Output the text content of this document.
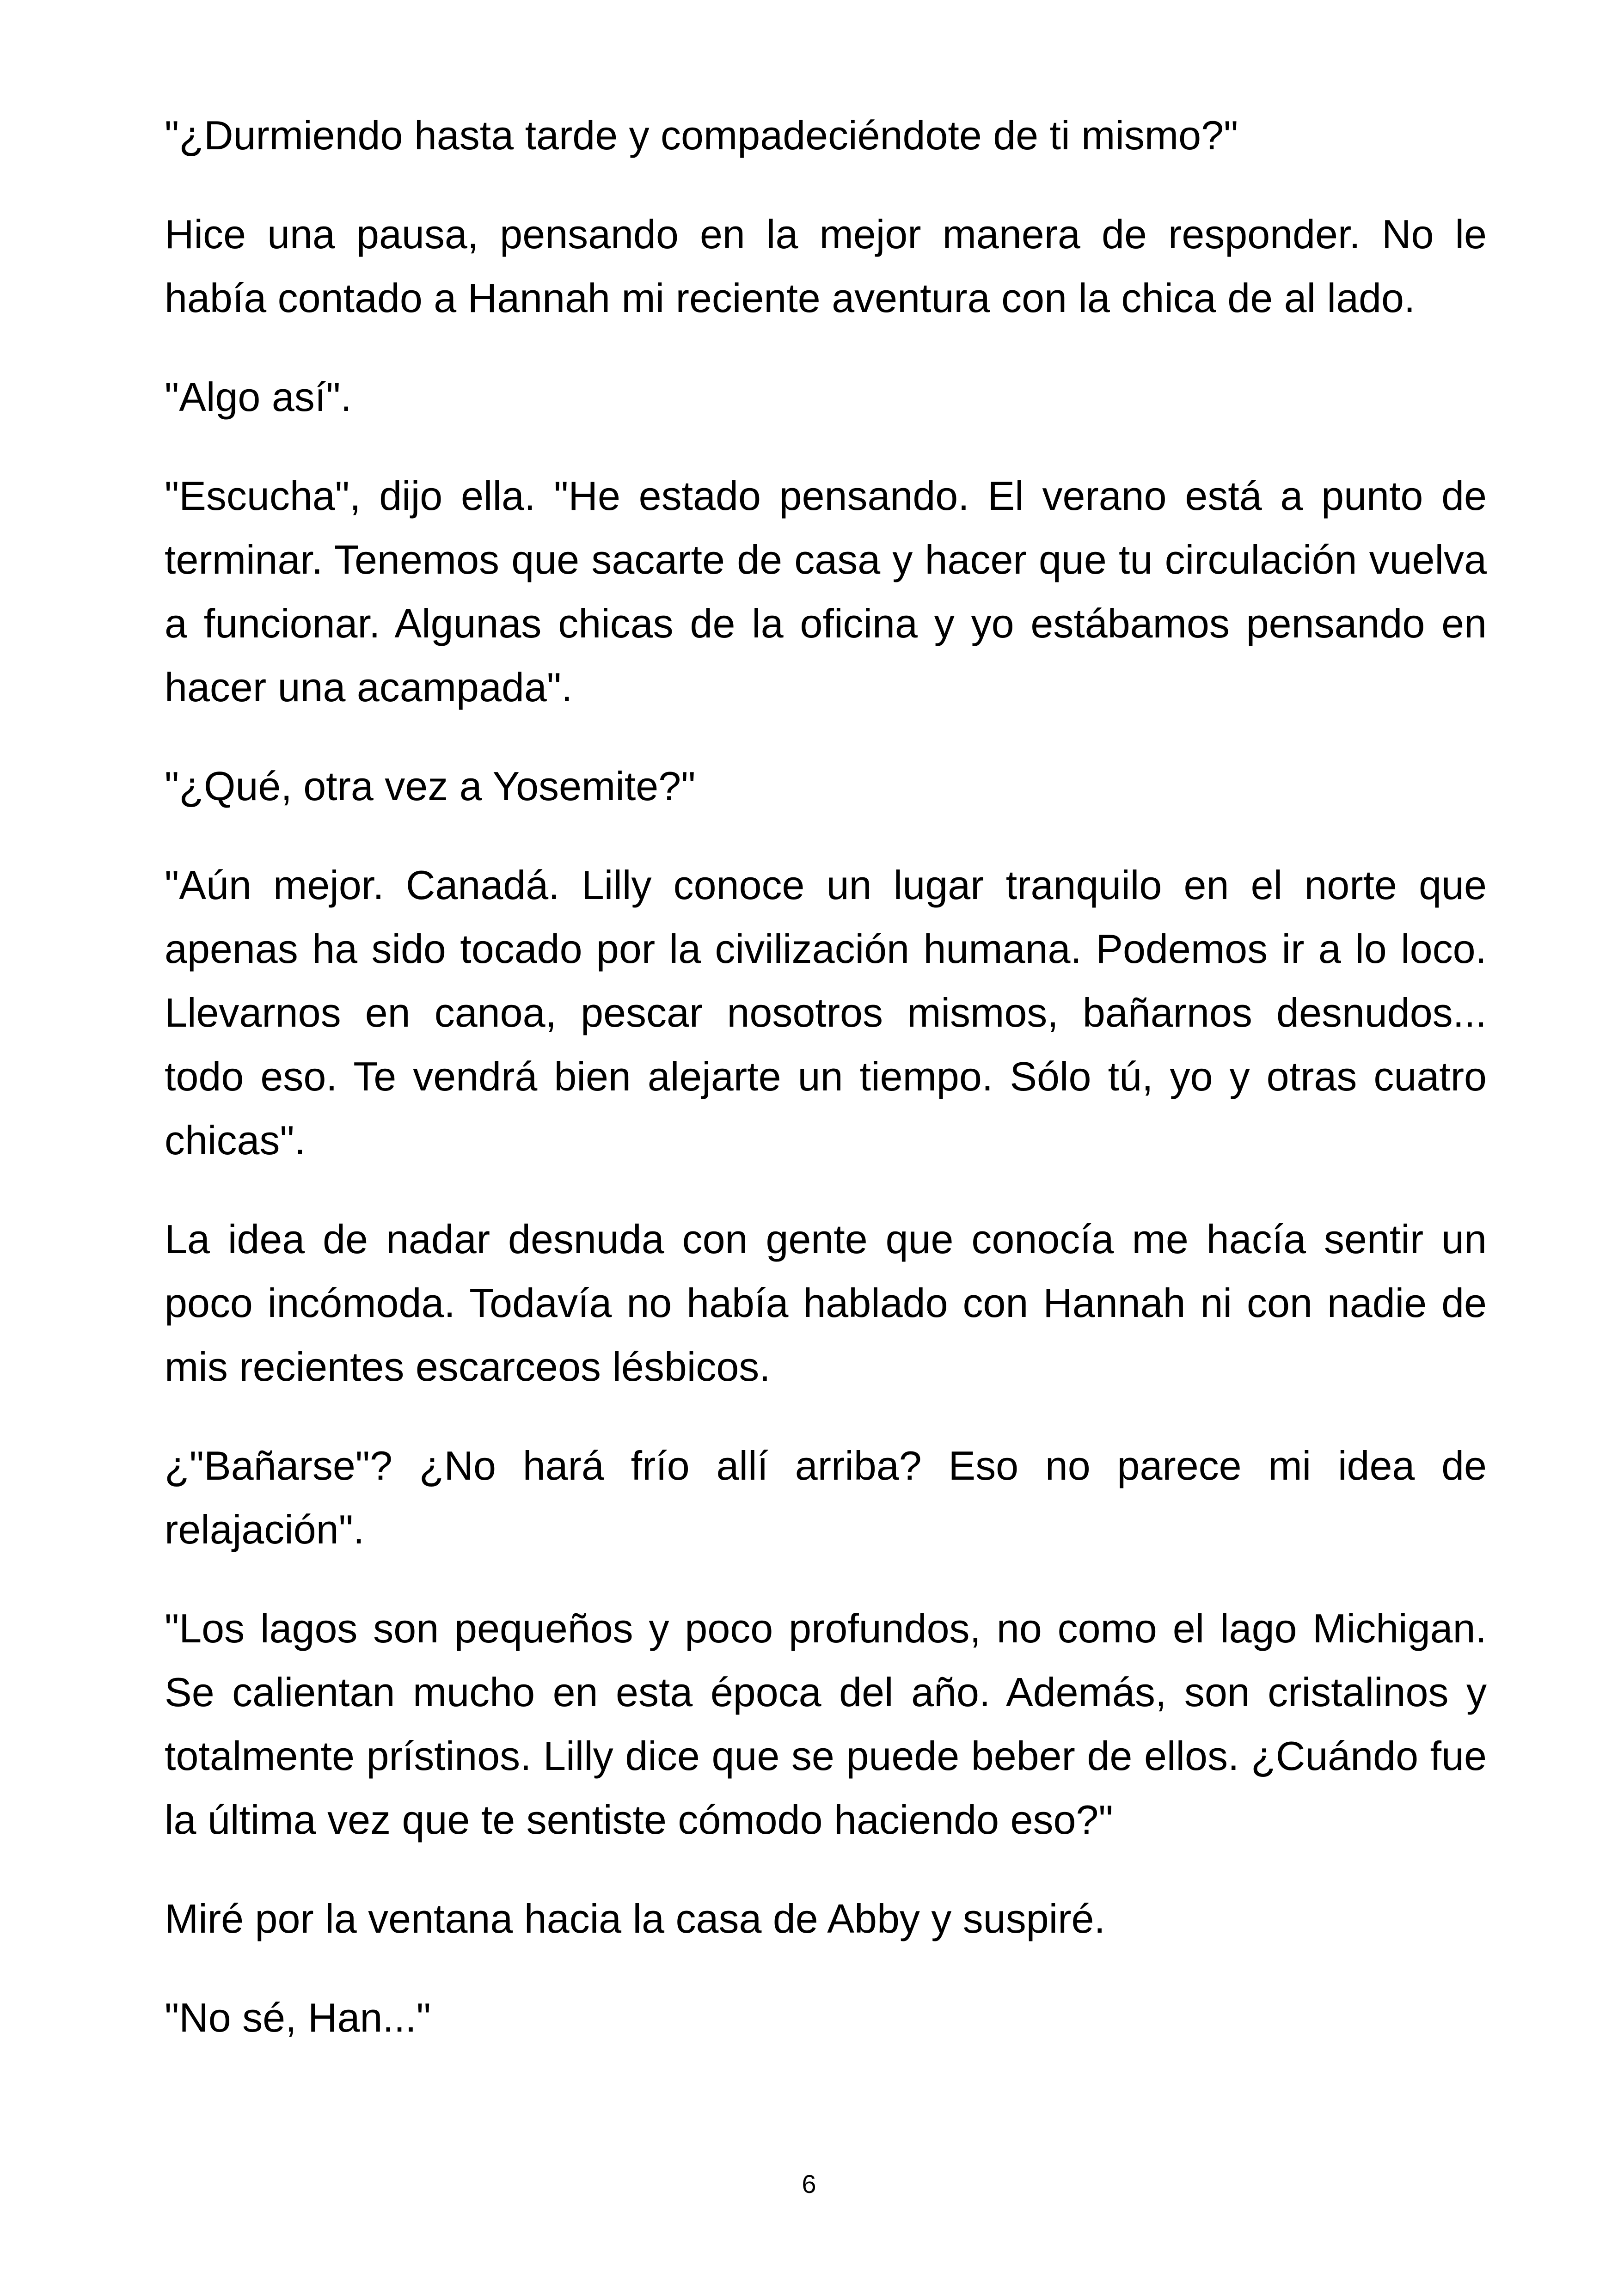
"¿Durmiendo hasta tarde y compadeciéndote de ti mismo?"

Hice una pausa, pensando en la mejor manera de responder. No le había contado a Hannah mi reciente aventura con la chica de al lado.

"Algo así".

"Escucha", dijo ella. "He estado pensando. El verano está a punto de terminar. Tenemos que sacarte de casa y hacer que tu circulación vuelva a funcionar. Algunas chicas de la oficina y yo estábamos pensando en hacer una acampada".

"¿Qué, otra vez a Yosemite?"

"Aún mejor. Canadá. Lilly conoce un lugar tranquilo en el norte que apenas ha sido tocado por la civilización humana. Podemos ir a lo loco. Llevarnos en canoa, pescar nosotros mismos, bañarnos desnudos... todo eso. Te vendrá bien alejarte un tiempo. Sólo tú, yo y otras cuatro chicas".

La idea de nadar desnuda con gente que conocía me hacía sentir un poco incómoda. Todavía no había hablado con Hannah ni con nadie de mis recientes escarceos lésbicos.

¿"Bañarse"? ¿No hará frío allí arriba? Eso no parece mi idea de relajación".

"Los lagos son pequeños y poco profundos, no como el lago Michigan. Se calientan mucho en esta época del año. Además, son cristalinos y totalmente prístinos. Lilly dice que se puede beber de ellos. ¿Cuándo fue la última vez que te sentiste cómodo haciendo eso?"

Miré por la ventana hacia la casa de Abby y suspiré.

"No sé, Han..."

6
